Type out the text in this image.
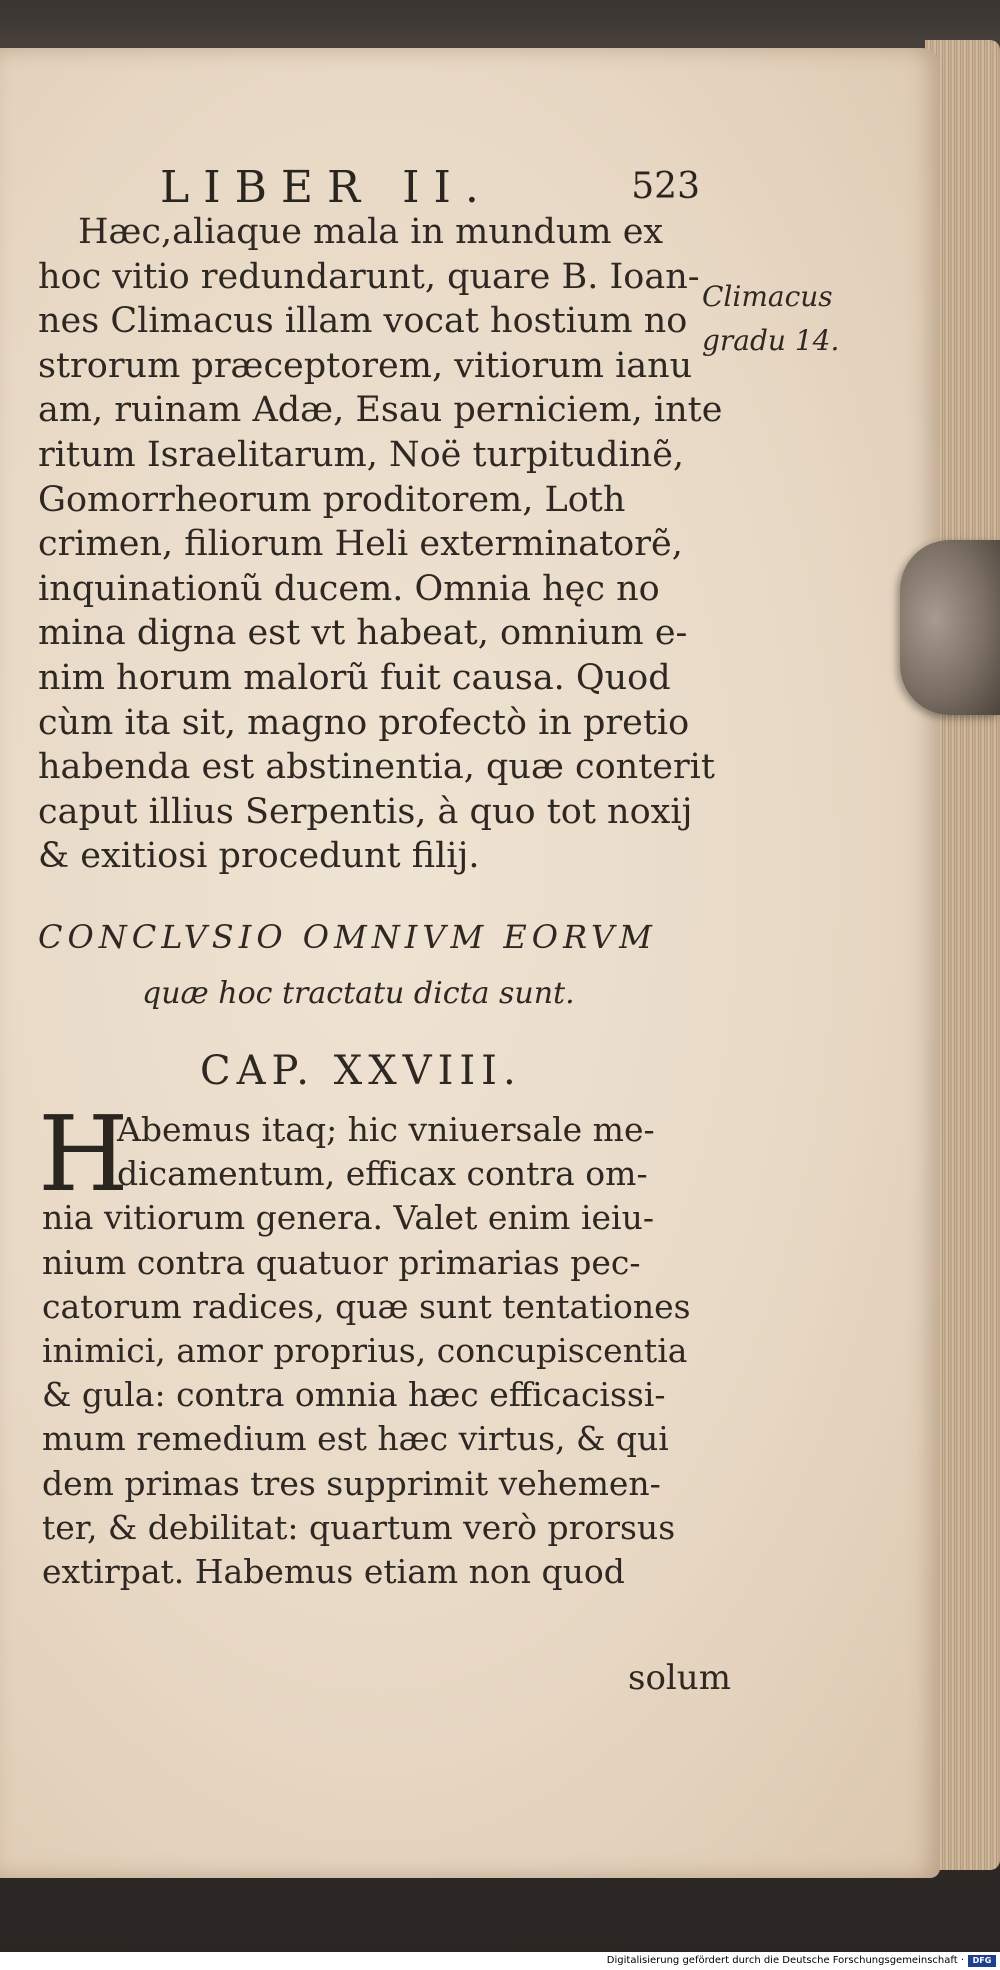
LIBER II.	523
Hæc,aliaque mala in mundum ex
hoc vitio redundarunt, quare B. Ioan-
nes Climacus illam vocat hostium no
strorum præceptorem, vitiorum ianu
am, ruinam Adæ, Esau perniciem, inte
ritum Israelitarum, Noë turpitudinẽ,
Gomorrheorum proditorem, Loth
crimen, filiorum Heli exterminatorẽ,
inquinationũ ducem. Omnia hęc no
mina digna est vt habeat, omnium e-
nim horum malorũ fuit causa. Quod
cùm ita sit, magno profectò in pretio
habenda est abstinentia, quæ conterit
caput illius Serpentis, à quo tot noxij
& exitiosi procedunt filij.
Climacus
gradu 14.
CONCLVSIO OMNIVM EORVM
quæ hoc tractatu dicta sunt.
CAP. XXVIII.
H
Abemus itaq; hic vniuersale me-
dicamentum, efficax contra om-
nia vitiorum genera. Valet enim ieiu-
nium contra quatuor primarias pec-
catorum radices, quæ sunt tentationes
inimici, amor proprius, concupiscentia
& gula: contra omnia hæc efficacissi-
mum remedium est hæc virtus, & qui
dem primas tres supprimit vehemen-
ter, & debilitat: quartum verò prorsus
extirpat. Habemus etiam non quod
solum
Digitalisierung gefördert durch die Deutsche Forschungsgemeinschaft ·	DFG
